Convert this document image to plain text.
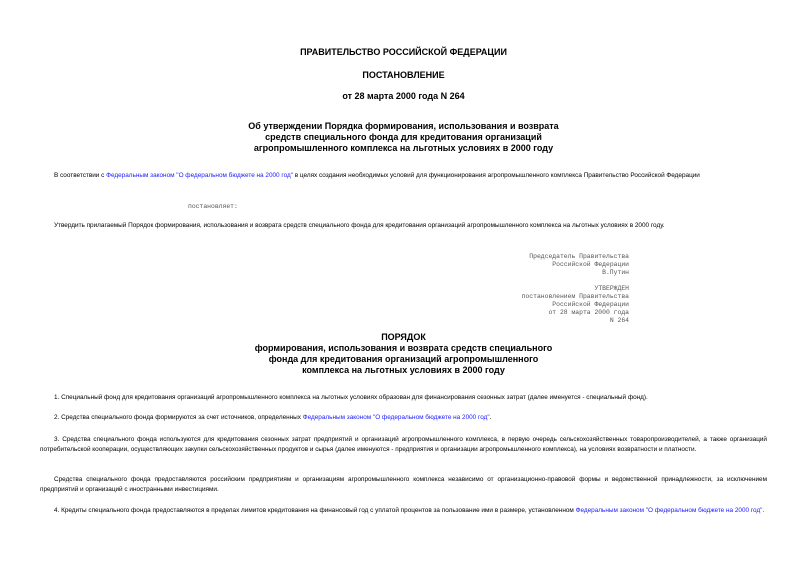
ПРАВИТЕЛЬСТВО РОССИЙСКОЙ ФЕДЕРАЦИИ
ПОСТАНОВЛЕНИЕ
от 28 марта 2000 года N 264
Об утверждении Порядка формирования, использования и возврата
средств специального фонда для кредитования организаций
агропромышленного комплекса на льготных условиях в 2000 году
В соответствии с Федеральным законом "О федеральном бюджете на 2000 год" в целях создания необходимых условий для функционирования агропромышленного комплекса Правительство Российской Федерации
постановляет:
Утвердить прилагаемый Порядок формирования, использования и возврата средств специального фонда для кредитования организаций агропромышленного комплекса на льготных условиях в 2000 году.
Председатель Правительства
Российской Федерации
В.Путин
УТВЕРЖДЕН
постановлением Правительства
Российской Федерации
от 28 марта 2000 года
N 264
ПОРЯДОК
формирования, использования и возврата средств специального
фонда для кредитования организаций агропромышленного
комплекса на льготных условиях в 2000 году
1. Специальный фонд для кредитования организаций агропромышленного комплекса на льготных условиях образован для финансирования сезонных затрат (далее именуется - специальный фонд).
2. Средства специального фонда формируются за счет источников, определенных Федеральным законом "О федеральном бюджете на 2000 год".
3. Средства специального фонда используются для кредитования сезонных затрат предприятий и организаций агропромышленного комплекса, в первую очередь сельскохозяйственных товаропроизводителей, а также организаций потребительской кооперации, осуществляющих закупки сельскохозяйственных продуктов и сырья (далее именуются - предприятия и организации агропромышленного комплекса), на условиях возвратности и платности.
Средства специального фонда предоставляются российским предприятиям и организациям агропромышленного комплекса независимо от организационно-правовой формы и ведомственной принадлежности, за исключением предприятий и организаций с иностранными инвестициями.
4. Кредиты специального фонда предоставляются в пределах лимитов кредитования на финансовый год с уплатой процентов за пользование ими в размере, установленном Федеральным законом "О федеральном бюджете на 2000 год".
